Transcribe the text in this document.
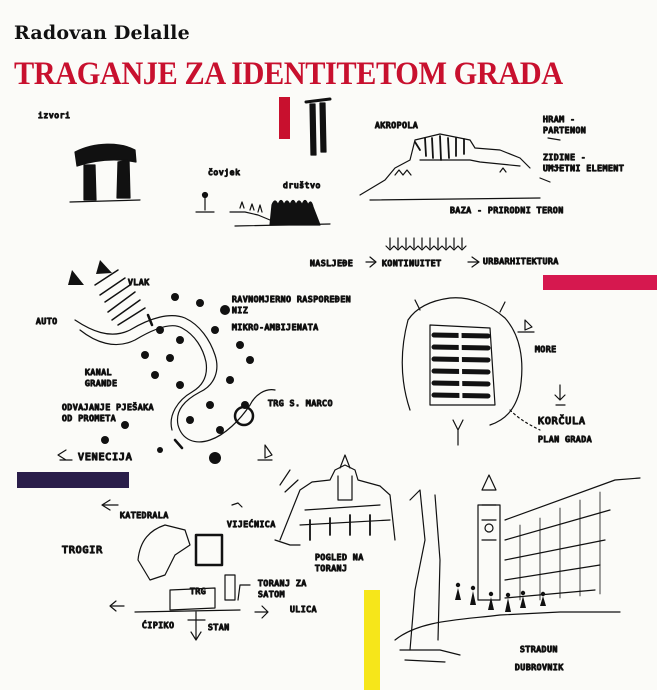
Radovan Delalle
TRAGANJE ZA IDENTITETOM GRADA
izvori
čovjek
društvo
AKROPOLA
HRAM -PARTENON
ZIDINE -UMJETNI ELEMENT
BAZA - PRIRODNI TERON
NASLJEĐE	KONTINUITET	URBARHITEKTURA
VLAK
AUTO
KANAL GRANDE
RAVNOMJERNO RASPOREĐEN NIZ
MIKRO-AMBIJENATA
ODVAJANJE PJEŠAKA OD PROMETA
TRG S. MARCO
VENECIJA
MORE
KORČULA
PLAN GRADA
KATEDRALA
VIJEĆNICA
TROGIR
TRG
TORANJ ZA SATOM
ULICA
ĆIPIKO	STAN
POGLED NA TORANJ
STRADUN
DUBROVNIK
